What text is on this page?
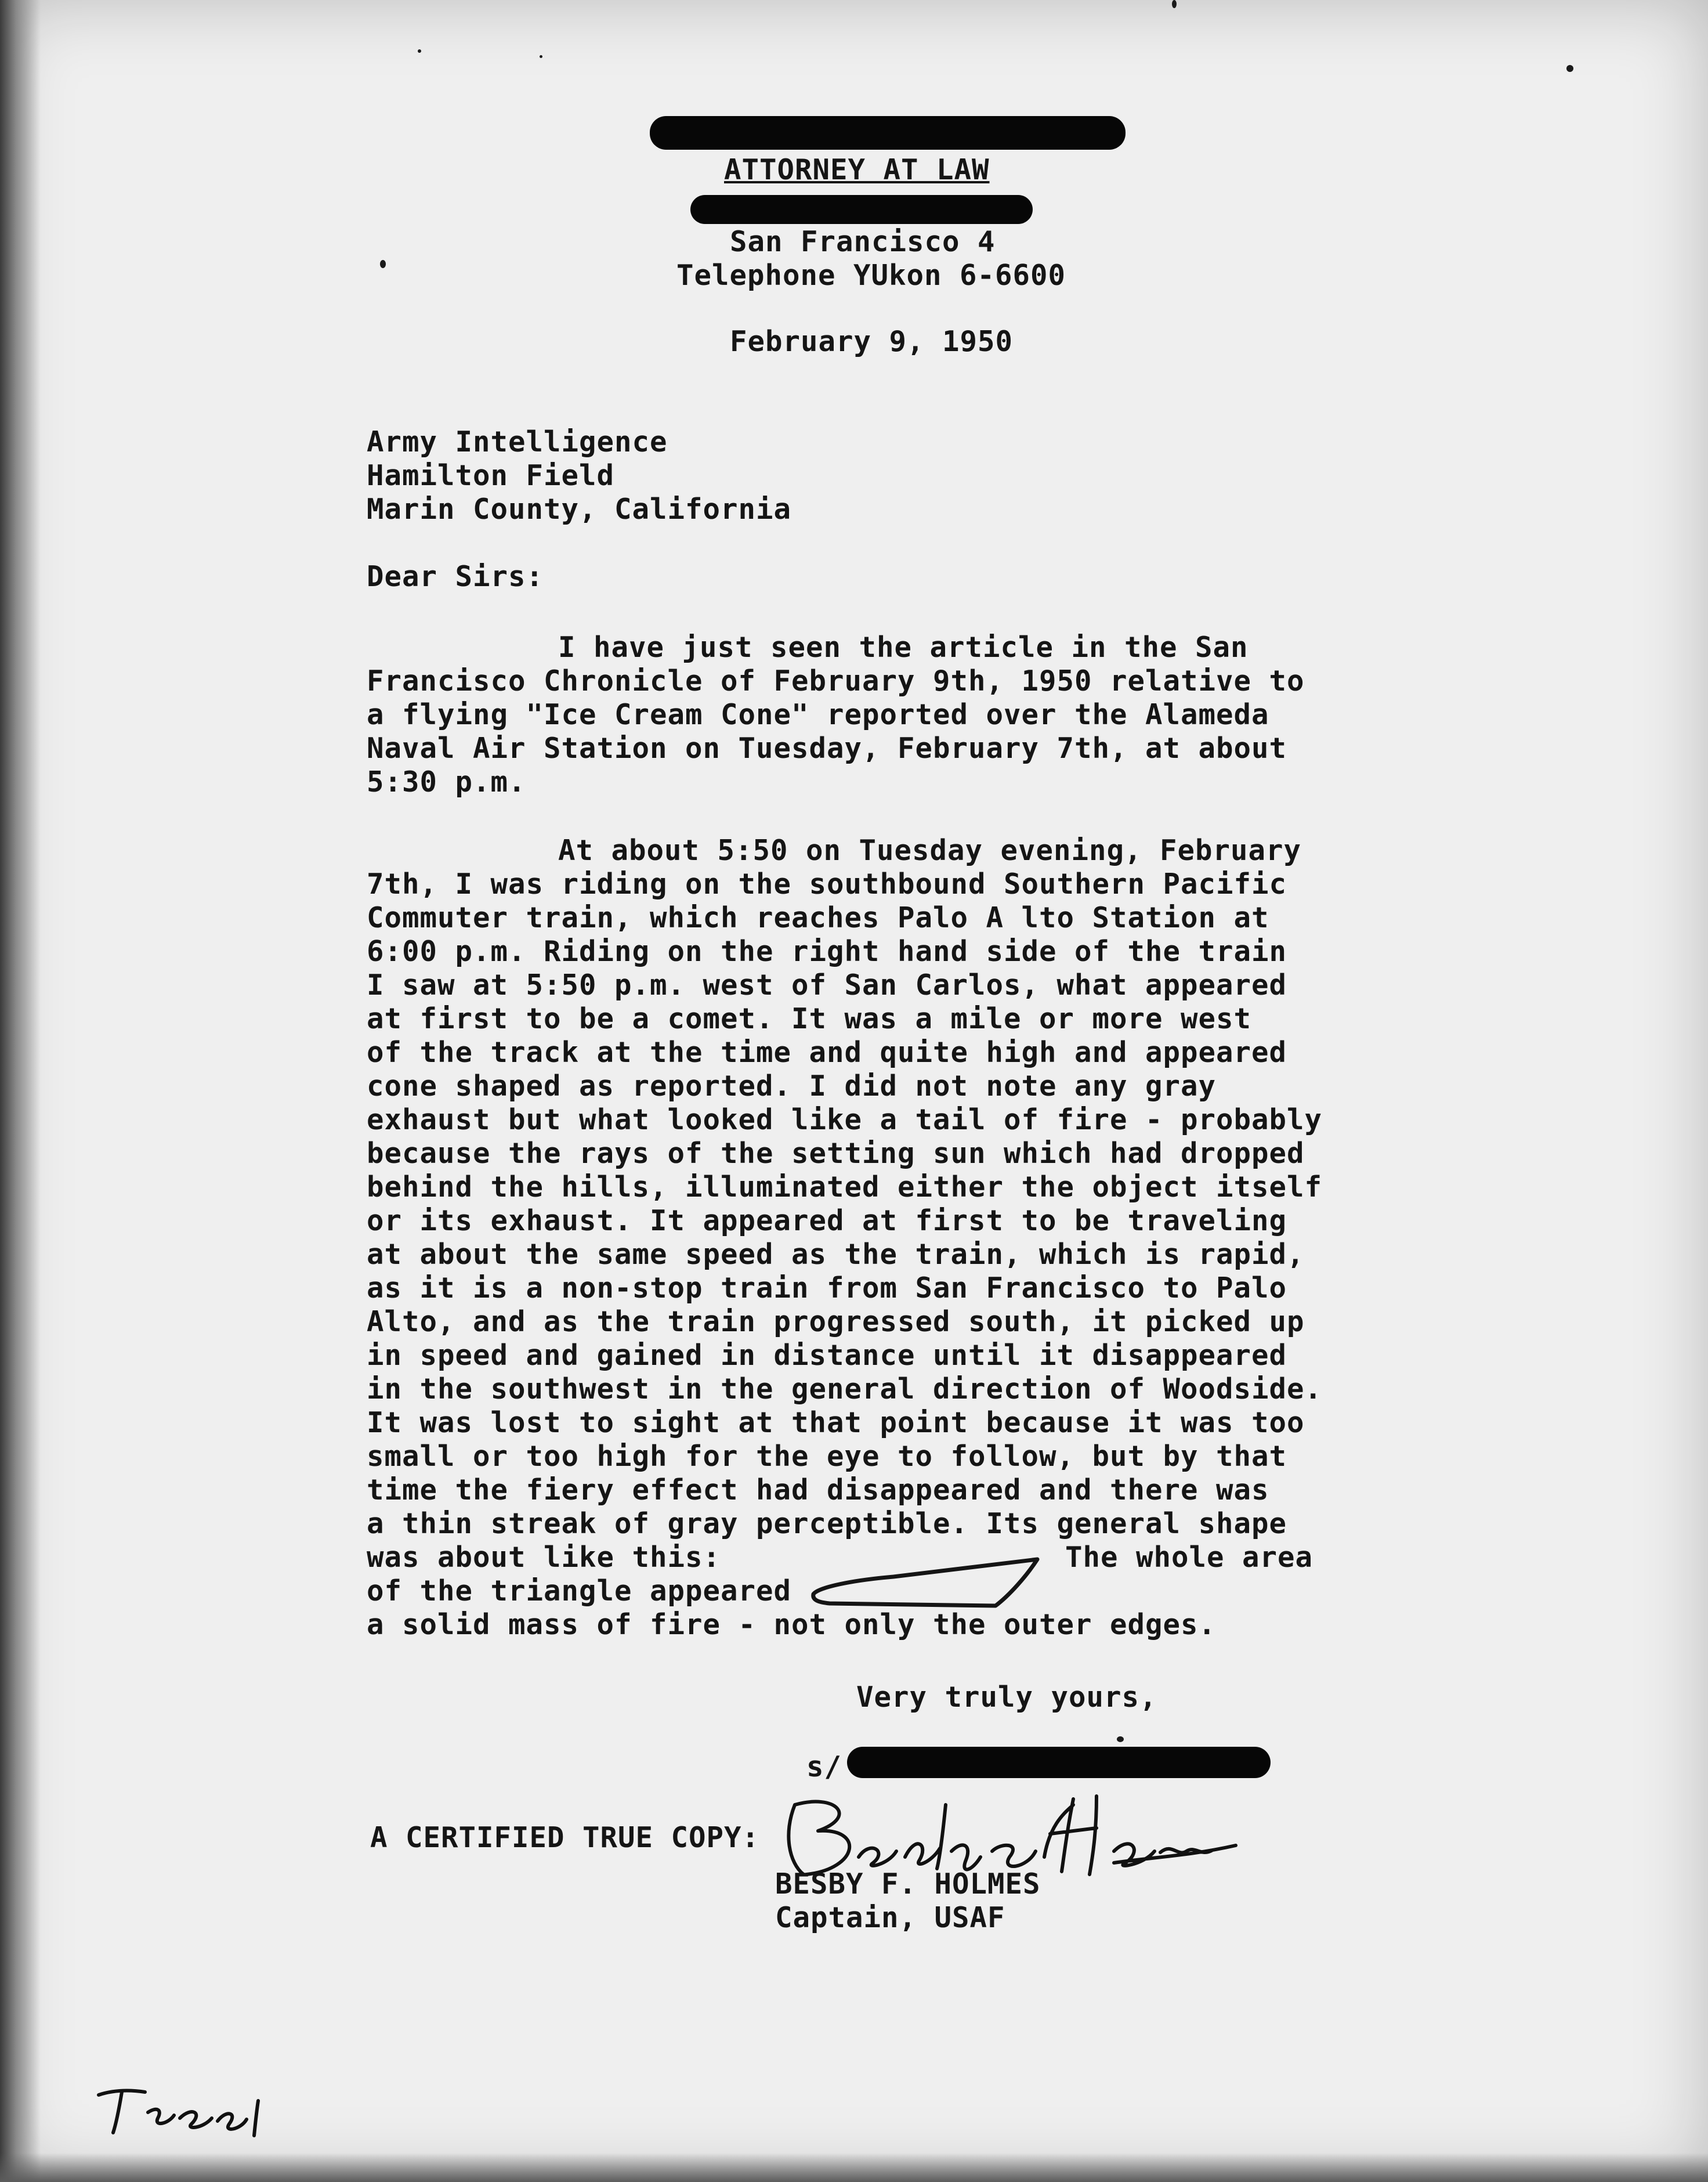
ATTORNEY AT LAW
San Francisco 4
Telephone YUkon 6-6600
February 9, 1950
Army Intelligence
Hamilton Field
Marin County, California
Dear Sirs:
I have just seen the article in the San
Francisco Chronicle of February 9th, 1950 relative to
a flying "Ice Cream Cone" reported over the Alameda
Naval Air Station on Tuesday, February 7th, at about
5:30 p.m.
At about 5:50 on Tuesday evening, February
7th, I was riding on the southbound Southern Pacific
Commuter train, which reaches Palo A lto Station at
6:00 p.m. Riding on the right hand side of the train
I saw at 5:50 p.m. west of San Carlos, what appeared
at first to be a comet. It was a mile or more west
of the track at the time and quite high and appeared
cone shaped as reported. I did not note any gray
exhaust but what looked like a tail of fire - probably
because the rays of the setting sun which had dropped
behind the hills, illuminated either the object itself
or its exhaust. It appeared at first to be traveling
at about the same speed as the train, which is rapid,
as it is a non-stop train from San Francisco to Palo
Alto, and as the train progressed south, it picked up
in speed and gained in distance until it disappeared
in the southwest in the general direction of Woodside.
It was lost to sight at that point because it was too
small or too high for the eye to follow, but by that
time the fiery effect had disappeared and there was
a thin streak of gray perceptible. Its general shape
was about like this:	The whole area
of the triangle appeared
a solid mass of fire - not only the outer edges.
Very truly yours,
s/
A CERTIFIED TRUE COPY:
BESBY F. HOLMES
Captain, USAF
